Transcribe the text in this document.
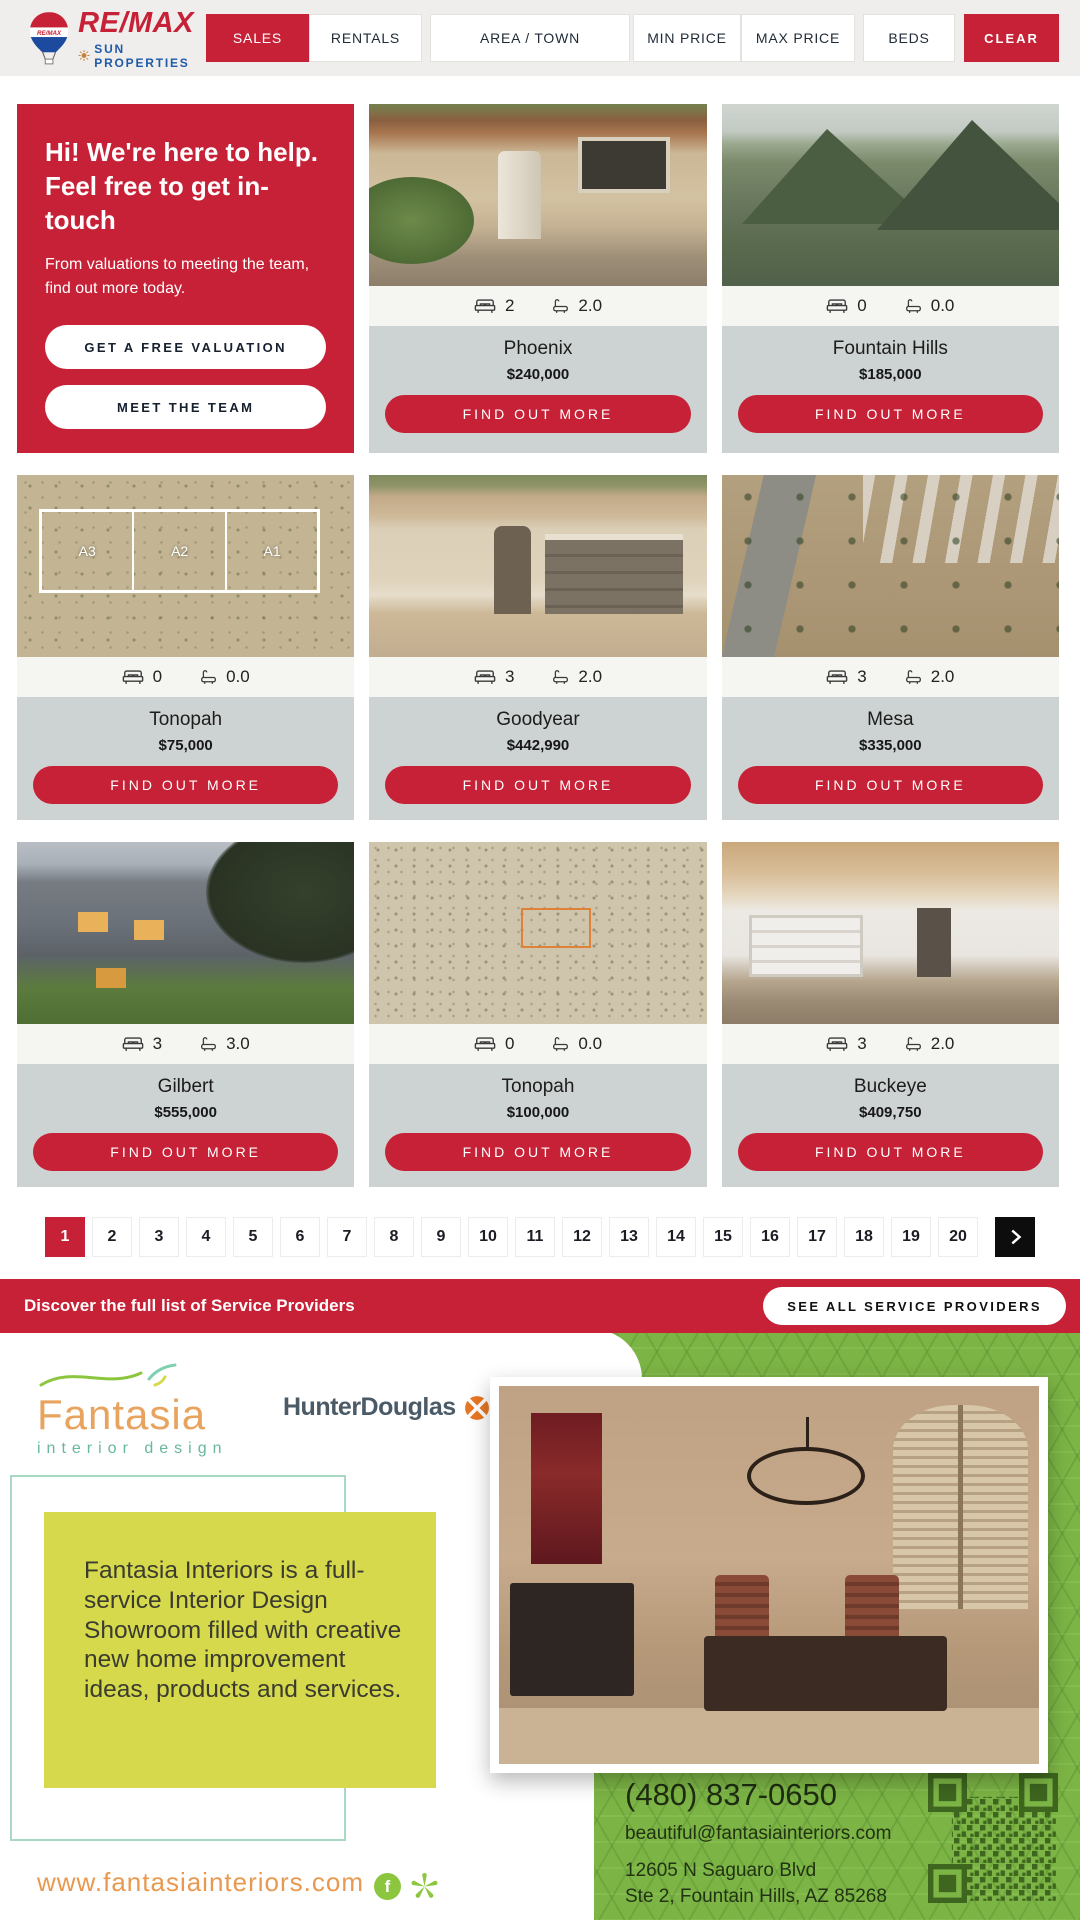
RE/MAX RE/MAX
SUN PROPERTIES
SALES	RENTALS	AREA / TOWN	MIN PRICE	MAX PRICE	BEDS	CLEAR
Hi! We're here to help. Feel free to get in-touch

From valuations to meeting the team, find out more today.

GET A FREE VALUATION
MEET THE TEAM
2	2.0
Phoenix
$240,000
FIND OUT MORE
0	0.0
Fountain Hills
$185,000
FIND OUT MORE
A3	A2	A1
0	0.0
Tonopah
$75,000
FIND OUT MORE
3	2.0
Goodyear
$442,990
FIND OUT MORE
3	2.0
Mesa
$335,000
FIND OUT MORE
3	3.0
Gilbert
$555,000
FIND OUT MORE
0	0.0
Tonopah
$100,000
FIND OUT MORE
3	2.0
Buckeye
$409,750
FIND OUT MORE
1	2	3	4	5	6	7	8	9	10	11	12	13	14	15	16	17	18	19	20
Discover the full list of Service Providers	SEE ALL SERVICE PROVIDERS
Fantasia
interior design
HunterDouglas

Fantasia Interiors is a full-service Interior Design Showroom filled with creative new home improvement ideas, products and services.

(480) 837-0650
beautiful@fantasiainteriors.com
12605 N Saguaro Blvd
Ste 2, Fountain Hills, AZ 85268
www.fantasiainteriors.com	f
